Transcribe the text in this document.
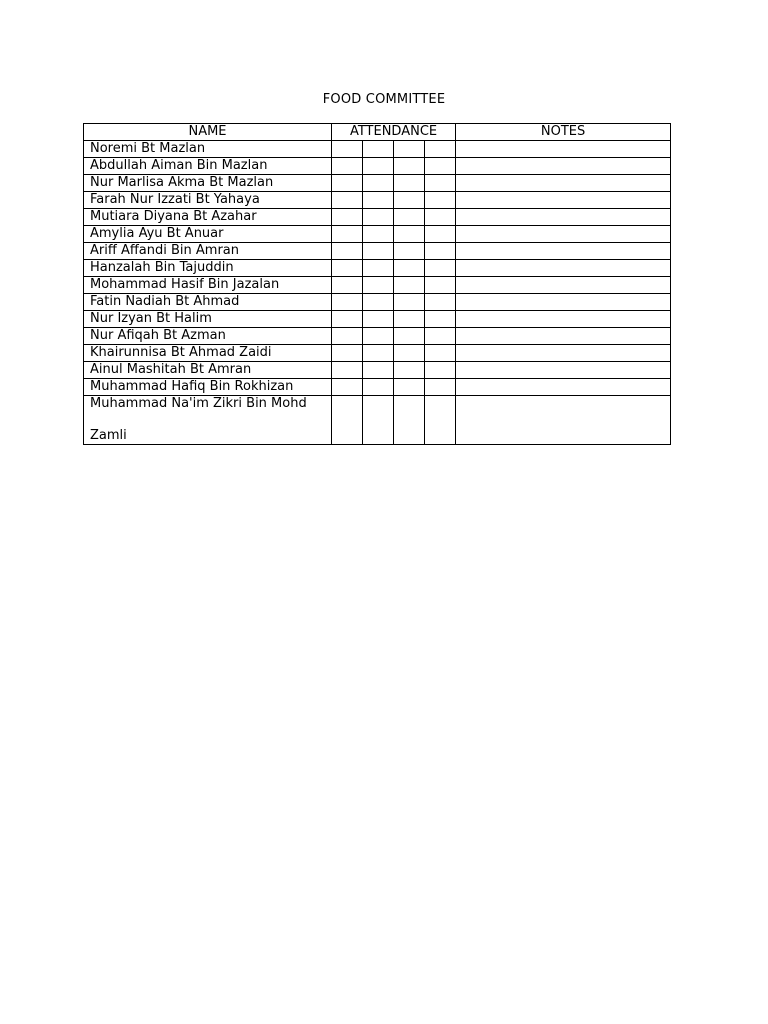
FOOD COMMITTEE
NAME	ATTENDANCE				NOTES
Noremi Bt Mazlan					
Abdullah Aiman Bin Mazlan					
Nur Marlisa Akma Bt Mazlan					
Farah Nur Izzati Bt Yahaya					
Mutiara Diyana Bt Azahar					
Amylia Ayu Bt Anuar					
Ariff Affandi Bin Amran					
Hanzalah Bin Tajuddin					
Mohammad Hasif Bin Jazalan					
Fatin Nadiah Bt Ahmad					
Nur Izyan Bt Halim					
Nur Afiqah Bt Azman					
Khairunnisa Bt Ahmad Zaidi					
Ainul Mashitah Bt Amran					
Muhammad Hafiq Bin Rokhizan					

Muhammad Na'im Zikri Bin Mohd
Zamli					
